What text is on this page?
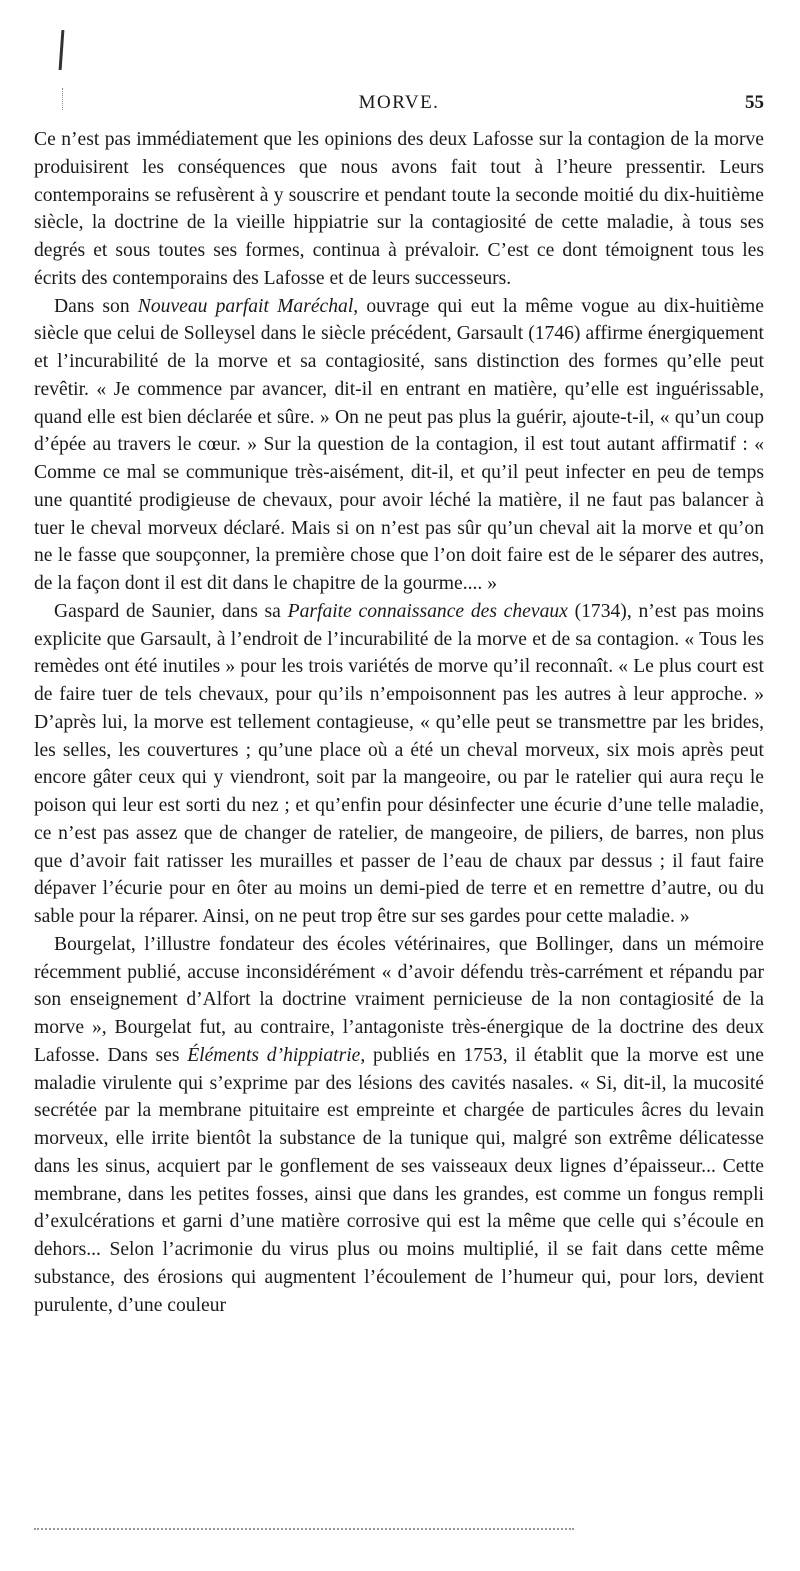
MORVE.	55

Ce n’est pas immédiatement que les opinions des deux Lafosse sur la contagion de la morve produisirent les conséquences que nous avons fait tout à l’heure pressentir. Leurs contemporains se refusèrent à y souscrire et pendant toute la seconde moitié du dix-huitième siècle, la doctrine de la vieille hippiatrie sur la contagiosité de cette maladie, à tous ses degrés et sous toutes ses formes, continua à prévaloir. C’est ce dont témoignent tous les écrits des contemporains des Lafosse et de leurs successeurs.

Dans son Nouveau parfait Maréchal, ouvrage qui eut la même vogue au dix-huitième siècle que celui de Solleysel dans le siècle précédent, Garsault (1746) affirme énergiquement et l’incurabilité de la morve et sa contagiosité, sans distinction des formes qu’elle peut revêtir. « Je commence par avancer, dit-il en entrant en matière, qu’elle est inguérissable, quand elle est bien déclarée et sûre. » On ne peut pas plus la guérir, ajoute-t-il, « qu’un coup d’épée au travers le cœur. » Sur la question de la contagion, il est tout autant affirmatif : « Comme ce mal se communique très-aisément, dit-il, et qu’il peut infecter en peu de temps une quantité prodigieuse de chevaux, pour avoir léché la matière, il ne faut pas balancer à tuer le cheval morveux déclaré. Mais si on n’est pas sûr qu’un cheval ait la morve et qu’on ne le fasse que soupçonner, la première chose que l’on doit faire est de le séparer des autres, de la façon dont il est dit dans le chapitre de la gourme.... »

Gaspard de Saunier, dans sa Parfaite connaissance des chevaux (1734), n’est pas moins explicite que Garsault, à l’endroit de l’incurabilité de la morve et de sa contagion. « Tous les remèdes ont été inutiles » pour les trois variétés de morve qu’il reconnaît. « Le plus court est de faire tuer de tels chevaux, pour qu’ils n’empoisonnent pas les autres à leur approche. » D’après lui, la morve est tellement contagieuse, « qu’elle peut se transmettre par les brides, les selles, les couvertures ; qu’une place où a été un cheval morveux, six mois après peut encore gâter ceux qui y viendront, soit par la mangeoire, ou par le ratelier qui aura reçu le poison qui leur est sorti du nez ; et qu’enfin pour désinfecter une écurie d’une telle maladie, ce n’est pas assez que de changer de ratelier, de mangeoire, de piliers, de barres, non plus que d’avoir fait ratisser les murailles et passer de l’eau de chaux par dessus ; il faut faire dépaver l’écurie pour en ôter au moins un demi-pied de terre et en remettre d’autre, ou du sable pour la réparer. Ainsi, on ne peut trop être sur ses gardes pour cette maladie. »

Bourgelat, l’illustre fondateur des écoles vétérinaires, que Bollinger, dans un mémoire récemment publié, accuse inconsidérément « d’avoir défendu très-carrément et répandu par son enseignement d’Alfort la doctrine vraiment pernicieuse de la non contagiosité de la morve », Bourgelat fut, au contraire, l’antagoniste très-énergique de la doctrine des deux Lafosse. Dans ses Éléments d’hippiatrie, publiés en 1753, il établit que la morve est une maladie virulente qui s’exprime par des lésions des cavités nasales. « Si, dit-il, la mucosité secrétée par la membrane pituitaire est empreinte et chargée de particules âcres du levain morveux, elle irrite bientôt la substance de la tunique qui, malgré son extrême délicatesse dans les sinus, acquiert par le gonflement de ses vaisseaux deux lignes d’épaisseur... Cette membrane, dans les petites fosses, ainsi que dans les grandes, est comme un fongus rempli d’exulcérations et garni d’une matière corrosive qui est la même que celle qui s’écoule en dehors... Selon l’acrimonie du virus plus ou moins multiplié, il se fait dans cette même substance, des érosions qui augmentent l’écoulement de l’humeur qui, pour lors, devient purulente, d’une couleur
